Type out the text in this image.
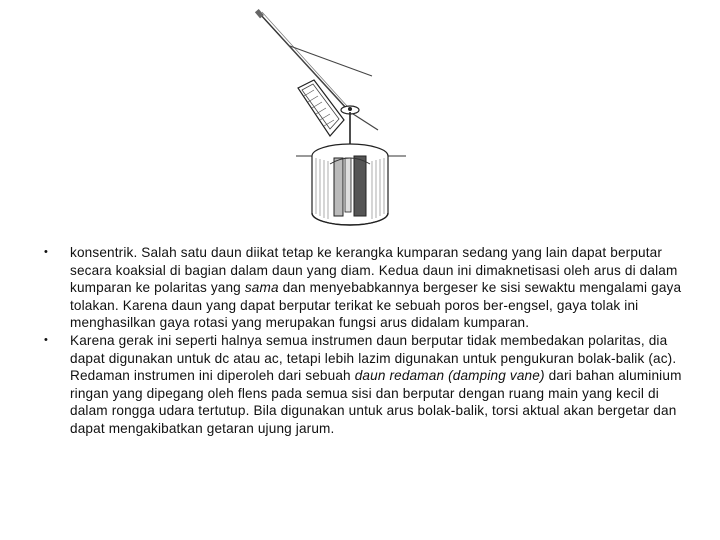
• konsentrik. Salah satu daun diikat tetap ke kerangka kumparan sedang yang lain dapat berputar secara koaksial di bagian dalam daun yang diam. Kedua daun ini dimaknetisasi oleh arus di dalam kumparan ke polaritas yang sama dan menyebabkannya bergeser ke sisi sewaktu mengalami gaya tolakan. Karena daun yang dapat berputar terikat ke sebuah poros ber-engsel, gaya tolak ini menghasilkan gaya rotasi yang merupakan fungsi arus didalam kumparan.
• Karena gerak ini seperti halnya semua instrumen daun berputar tidak membedakan polaritas, dia dapat digunakan untuk dc atau ac, tetapi lebih lazim digunakan untuk pengukuran bolak-balik (ac). Redaman instrumen ini diperoleh dari sebuah daun redaman (damping vane) dari bahan aluminium ringan yang dipegang oleh flens pada semua sisi dan berputar dengan ruang main yang kecil di dalam rongga udara tertutup. Bila digunakan untuk arus bolak-balik, torsi aktual akan bergetar dan dapat mengakibatkan getaran ujung jarum.
